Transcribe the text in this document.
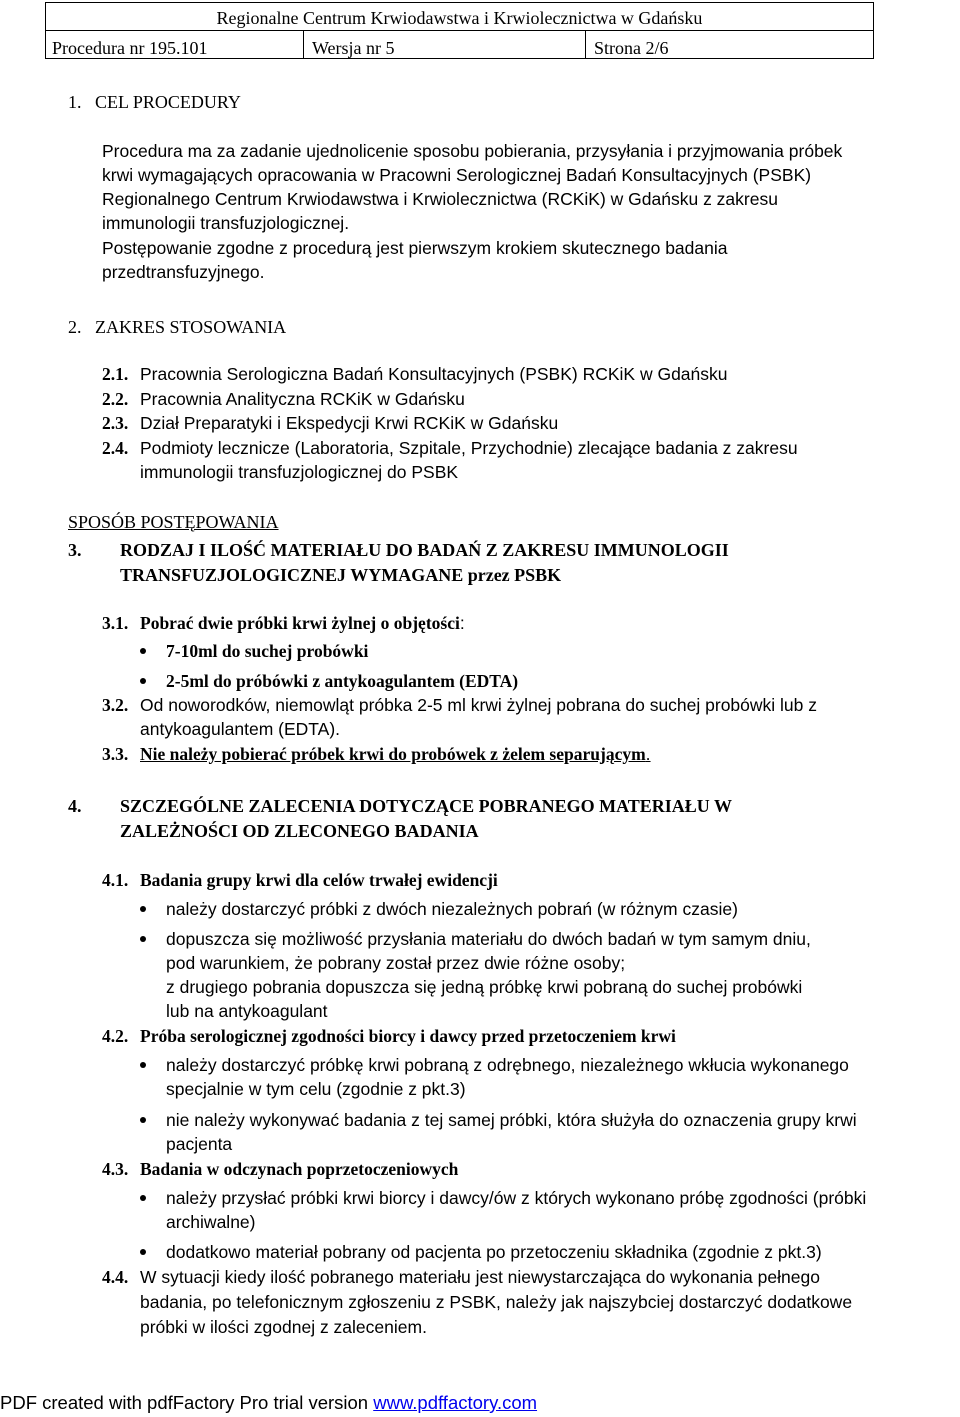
Regionalne Centrum Krwiodawstwa i Krwiolecznictwa w Gdańsku
Procedura nr 195.101	Wersja nr 5	Strona 2/6
1.   CEL PROCEDURY
Procedura ma za zadanie ujednolicenie sposobu pobierania, przysyłania i przyjmowania próbek
krwi wymagających opracowania w Pracowni Serologicznej Badań Konsultacyjnych (PSBK)
Regionalnego Centrum Krwiodawstwa i Krwiolecznictwa (RCKiK) w Gdańsku z zakresu
immunologii transfuzjologicznej.
Postępowanie zgodne z procedurą jest pierwszym krokiem skutecznego badania
przedtransfuzyjnego.
2.   ZAKRES STOSOWANIA
2.1. Pracownia Serologiczna Badań Konsultacyjnych (PSBK) RCKiK w Gdańsku
2.2. Pracownia Analityczna RCKiK w Gdańsku
2.3. Dział Preparatyki i Ekspedycji Krwi RCKiK w Gdańsku
2.4. Podmioty lecznicze (Laboratoria, Szpitale, Przychodnie) zlecające badania z zakresu
immunologii transfuzjologicznej do PSBK
SPOSÓB POSTĘPOWANIA
3. RODZAJ I ILOŚĆ MATERIAŁU DO BADAŃ Z ZAKRESU IMMUNOLOGII
TRANSFUZJOLOGICZNEJ WYMAGANE przez PSBK
3.1. Pobrać dwie próbki krwi żylnej o objętości:
7-10ml do suchej probówki
2-5ml do próbówki z antykoagulantem (EDTA)
3.2. Od noworodków, niemowląt próbka 2-5 ml krwi żylnej pobrana do suchej probówki lub z
antykoagulantem (EDTA).
3.3. Nie należy pobierać próbek krwi do probówek z żelem separującym.
4. SZCZEGÓLNE ZALECENIA DOTYCZĄCE POBRANEGO MATERIAŁU W
ZALEŻNOŚCI OD ZLECONEGO BADANIA
4.1. Badania grupy krwi dla celów trwałej ewidencji
należy dostarczyć próbki z dwóch niezależnych pobrań (w różnym czasie)
dopuszcza się możliwość przysłania materiału do dwóch badań w tym samym dniu,
pod warunkiem, że pobrany został przez dwie różne osoby;
z drugiego pobrania dopuszcza się jedną próbkę krwi pobraną do suchej probówki
lub na antykoagulant
4.2. Próba serologicznej zgodności biorcy i dawcy przed przetoczeniem krwi
należy dostarczyć próbkę krwi pobraną z odrębnego, niezależnego wkłucia wykonanego
specjalnie w tym celu (zgodnie z pkt.3)
nie należy wykonywać badania z tej samej próbki, która służyła do oznaczenia grupy krwi
pacjenta
4.3. Badania w odczynach poprzetoczeniowych
należy przysłać próbki krwi biorcy i dawcy/ów z których wykonano próbę zgodności (próbki
archiwalne)
dodatkowo materiał pobrany od pacjenta po przetoczeniu składnika (zgodnie z pkt.3)
4.4. W sytuacji kiedy ilość pobranego materiału jest niewystarczająca do wykonania pełnego
badania, po telefonicznym zgłoszeniu z PSBK, należy jak najszybciej dostarczyć dodatkowe
próbki w ilości zgodnej z zaleceniem.
PDF created with pdfFactory Pro trial version www.pdffactory.com
